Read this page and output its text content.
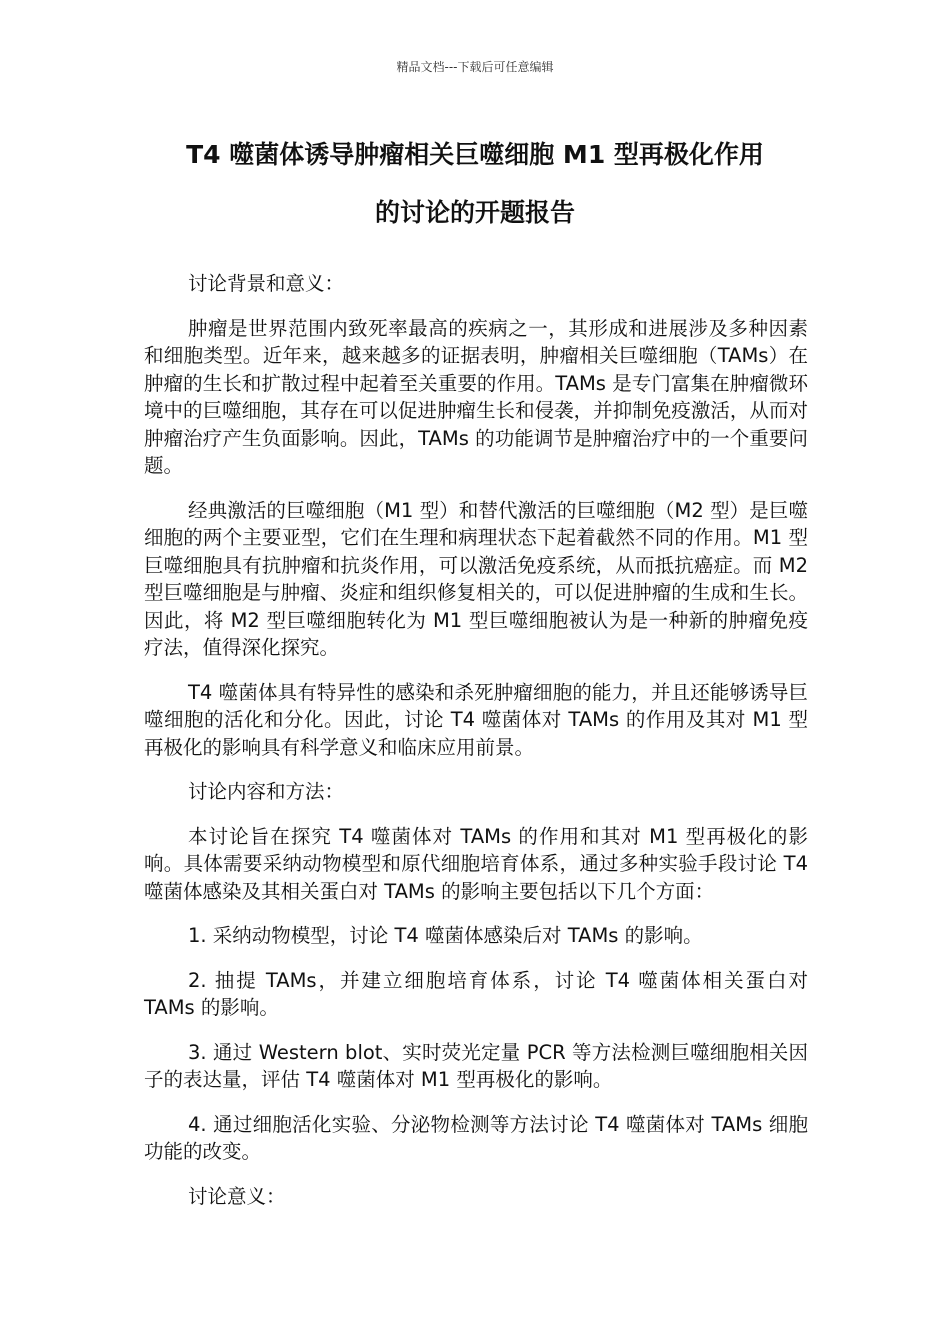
精品文档---下载后可任意编辑
T4 噬菌体诱导肿瘤相关巨噬细胞 M1 型再极化作用
的讨论的开题报告

讨论背景和意义：

肿瘤是世界范围内致死率最高的疾病之一，其形成和进展涉及多种因素和细胞类型。近年来，越来越多的证据表明，肿瘤相关巨噬细胞（TAMs）在肿瘤的生长和扩散过程中起着至关重要的作用。TAMs 是专门富集在肿瘤微环境中的巨噬细胞，其存在可以促进肿瘤生长和侵袭，并抑制免疫激活，从而对肿瘤治疗产生负面影响。因此，TAMs 的功能调节是肿瘤治疗中的一个重要问题。

经典激活的巨噬细胞（M1 型）和替代激活的巨噬细胞（M2 型）是巨噬细胞的两个主要亚型，它们在生理和病理状态下起着截然不同的作用。M1 型巨噬细胞具有抗肿瘤和抗炎作用，可以激活免疫系统，从而抵抗癌症。而 M2 型巨噬细胞是与肿瘤、炎症和组织修复相关的，可以促进肿瘤的生成和生长。因此，将 M2 型巨噬细胞转化为 M1 型巨噬细胞被认为是一种新的肿瘤免疫疗法，值得深化探究。

T4 噬菌体具有特异性的感染和杀死肿瘤细胞的能力，并且还能够诱导巨噬细胞的活化和分化。因此，讨论 T4 噬菌体对 TAMs 的作用及其对 M1 型再极化的影响具有科学意义和临床应用前景。

讨论内容和方法：

本讨论旨在探究 T4 噬菌体对 TAMs 的作用和其对 M1 型再极化的影响。具体需要采纳动物模型和原代细胞培育体系，通过多种实验手段讨论 T4 噬菌体感染及其相关蛋白对 TAMs 的影响主要包括以下几个方面：

1. 采纳动物模型，讨论 T4 噬菌体感染后对 TAMs 的影响。

2. 抽提 TAMs，并建立细胞培育体系，讨论 T4 噬菌体相关蛋白对 TAMs 的影响。

3. 通过 Western blot、实时荧光定量 PCR 等方法检测巨噬细胞相关因子的表达量，评估 T4 噬菌体对 M1 型再极化的影响。

4. 通过细胞活化实验、分泌物检测等方法讨论 T4 噬菌体对 TAMs 细胞功能的改变。

讨论意义：
